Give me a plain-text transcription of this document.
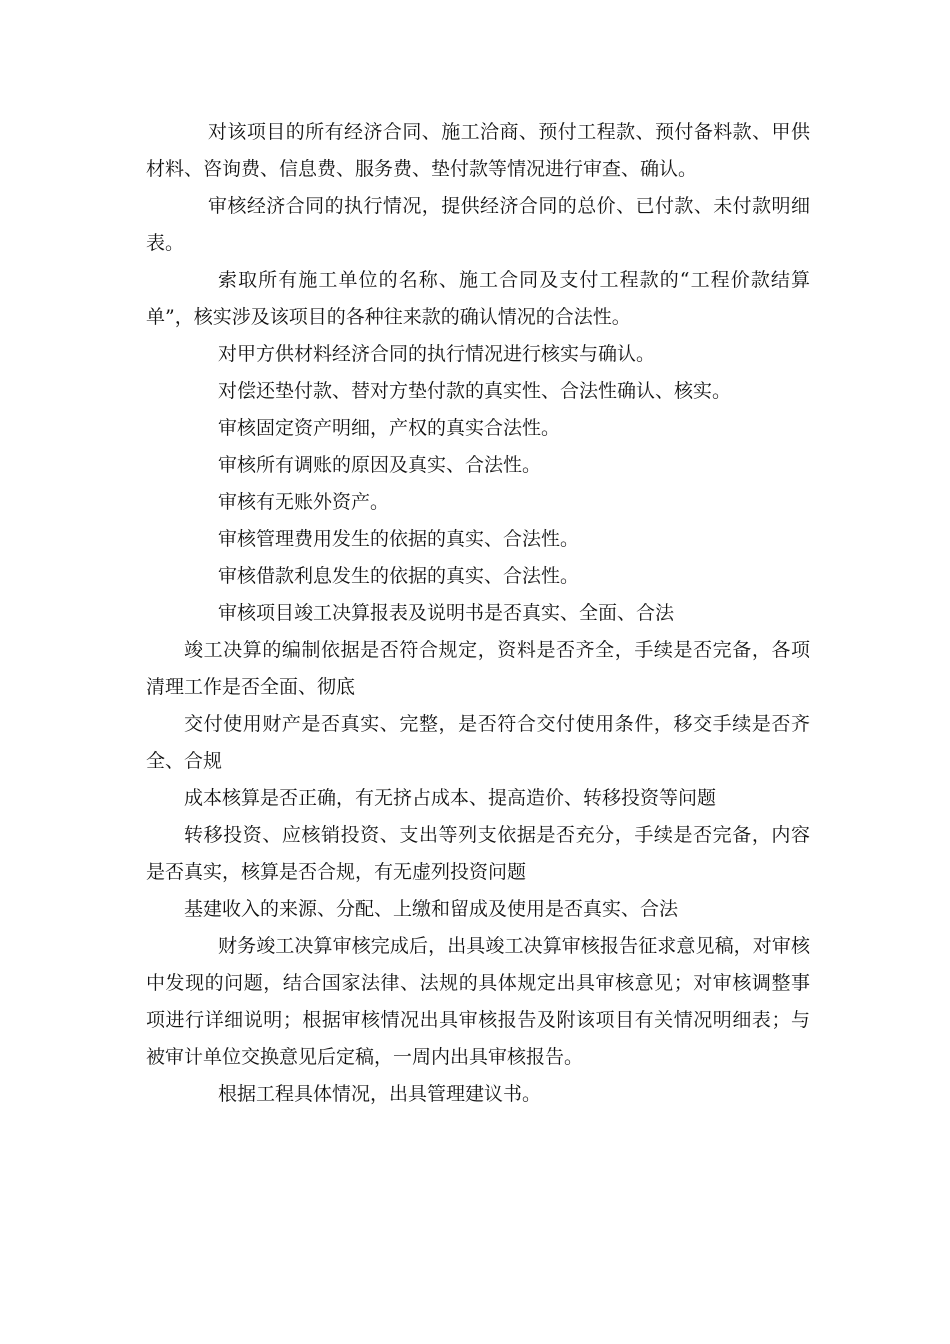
对该项目的所有经济合同、施工洽商、预付工程款、预付备料款、甲供材料、咨询费、信息费、服务费、垫付款等情况进行审查、确认。

审核经济合同的执行情况，提供经济合同的总价、已付款、未付款明细表。

索取所有施工单位的名称、施工合同及支付工程款的“工程价款结算单”，核实涉及该项目的各种往来款的确认情况的合法性。

对甲方供材料经济合同的执行情况进行核实与确认。

对偿还垫付款、替对方垫付款的真实性、合法性确认、核实。

审核固定资产明细，产权的真实合法性。

审核所有调账的原因及真实、合法性。

审核有无账外资产。

审核管理费用发生的依据的真实、合法性。

审核借款利息发生的依据的真实、合法性。

审核项目竣工决算报表及说明书是否真实、全面、合法

竣工决算的编制依据是否符合规定，资料是否齐全，手续是否完备，各项清理工作是否全面、彻底

交付使用财产是否真实、完整，是否符合交付使用条件，移交手续是否齐全、合规

成本核算是否正确，有无挤占成本、提高造价、转移投资等问题

转移投资、应核销投资、支出等列支依据是否充分，手续是否完备，内容是否真实，核算是否合规，有无虚列投资问题

基建收入的来源、分配、上缴和留成及使用是否真实、合法

财务竣工决算审核完成后，出具竣工决算审核报告征求意见稿，对审核中发现的问题，结合国家法律、法规的具体规定出具审核意见；对审核调整事项进行详细说明；根据审核情况出具审核报告及附该项目有关情况明细表；与被审计单位交换意见后定稿，一周内出具审核报告。

根据工程具体情况，出具管理建议书。
